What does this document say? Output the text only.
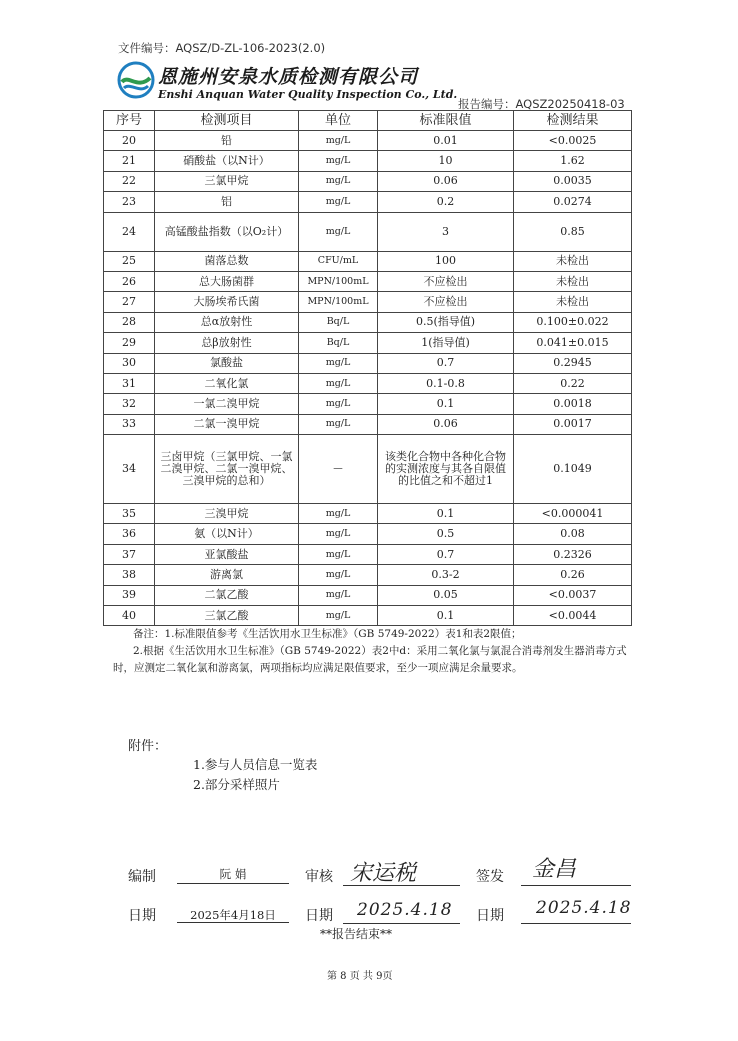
文件编号：AQSZ/D-ZL-106-2023(2.0)
恩施州安泉水质检测有限公司
Enshi Anquan Water Quality Inspection Co., Ltd.
报告编号：AQSZ20250418-03
序号	检测项目	单位	标准限值	检测结果
20	铅	mg/L	0.01	<0.0025
21	硝酸盐（以N计）	mg/L	10	1.62
22	三氯甲烷	mg/L	0.06	0.0035
23	铝	mg/L	0.2	0.0274
24	高锰酸盐指数（以O₂计）	mg/L	3	0.85
25	菌落总数	CFU/mL	100	未检出
26	总大肠菌群	MPN/100mL	不应检出	未检出
27	大肠埃希氏菌	MPN/100mL	不应检出	未检出
28	总α放射性	Bq/L	0.5(指导值)	0.100±0.022
29	总β放射性	Bq/L	1(指导值)	0.041±0.015
30	氯酸盐	mg/L	0.7	0.2945
31	二氧化氯	mg/L	0.1-0.8	0.22
32	一氯二溴甲烷	mg/L	0.1	0.0018
33	二氯一溴甲烷	mg/L	0.06	0.0017
34	三卤甲烷（三氯甲烷、一氯二溴甲烷、二氯一溴甲烷、三溴甲烷的总和）	—	该类化合物中各种化合物的实测浓度与其各自限值的比值之和不超过1	0.1049
35	三溴甲烷	mg/L	0.1	<0.000041
36	氨（以N计）	mg/L	0.5	0.08
37	亚氯酸盐	mg/L	0.7	0.2326
38	游离氯	mg/L	0.3-2	0.26
39	二氯乙酸	mg/L	0.05	<0.0037
40	三氯乙酸	mg/L	0.1	<0.0044
备注：1.标准限值参考《生活饮用水卫生标准》（GB 5749-2022）表1和表2限值；
2.根据《生活饮用水卫生标准》（GB 5749-2022）表2中d：采用二氧化氯与氯混合消毒剂发生器消毒方式时，应测定二氧化氯和游离氯，两项指标均应满足限值要求，至少一项应满足余量要求。
附件：
1.参与人员信息一览表
2.部分采样照片
编制	阮 娟	审核 宋运税	签发 金昌
日期	2025年4月18日	日期 2025.4.18 日期 2025.4.18
**报告结束**
第 8 页 共 9页
